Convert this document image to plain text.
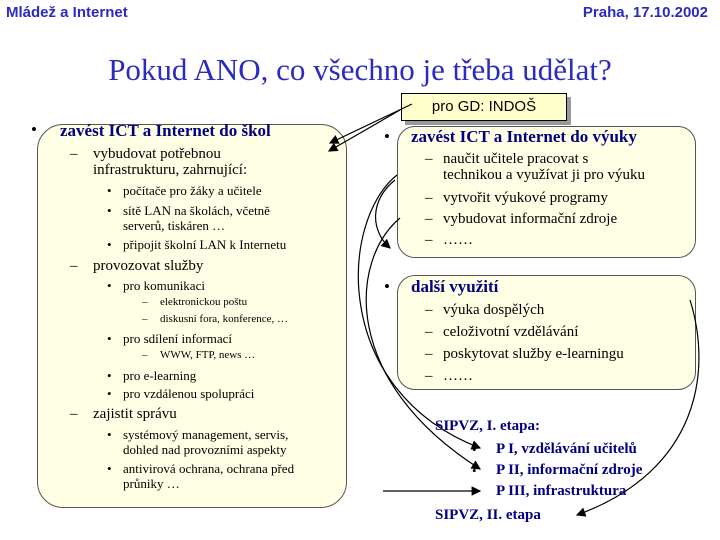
Mládež a Internet	Praha, 17.10.2002
Pokud ANO, co všechno je třeba udělat?
pro GD: INDOŠ
• zavést ICT a Internet do škol
– vybudovat potřebnou
infrastrukturu, zahrnující:
• počítače pro žáky a učitele
• sítě LAN na školách, včetně
serverů, tiskáren …
• připojit školní LAN k Internetu
– provozovat služby
• pro komunikaci
– elektronickou poštu
– diskusní fora, konference, …
• pro sdílení informací
– WWW, FTP, news …
• pro e-learning
• pro vzdálenou spolupráci
– zajistit správu
• systémový management, servis,
dohled nad provozními aspekty
• antivirová ochrana, ochrana před
průniky …
• zavést ICT a Internet do výuky
– naučit učitele pracovat s
technikou a využívat ji pro výuku
– vytvořit výukové programy
– vybudovat informační zdroje
– ……
• další využití
– výuka dospělých
– celoživotní vzdělávání
– poskytovat služby e-learningu
– ……
SIPVZ, I. etapa:
• P I, vzdělávání učitelů
• P II, informační zdroje
• P III, infrastruktura
SIPVZ, II. etapa
